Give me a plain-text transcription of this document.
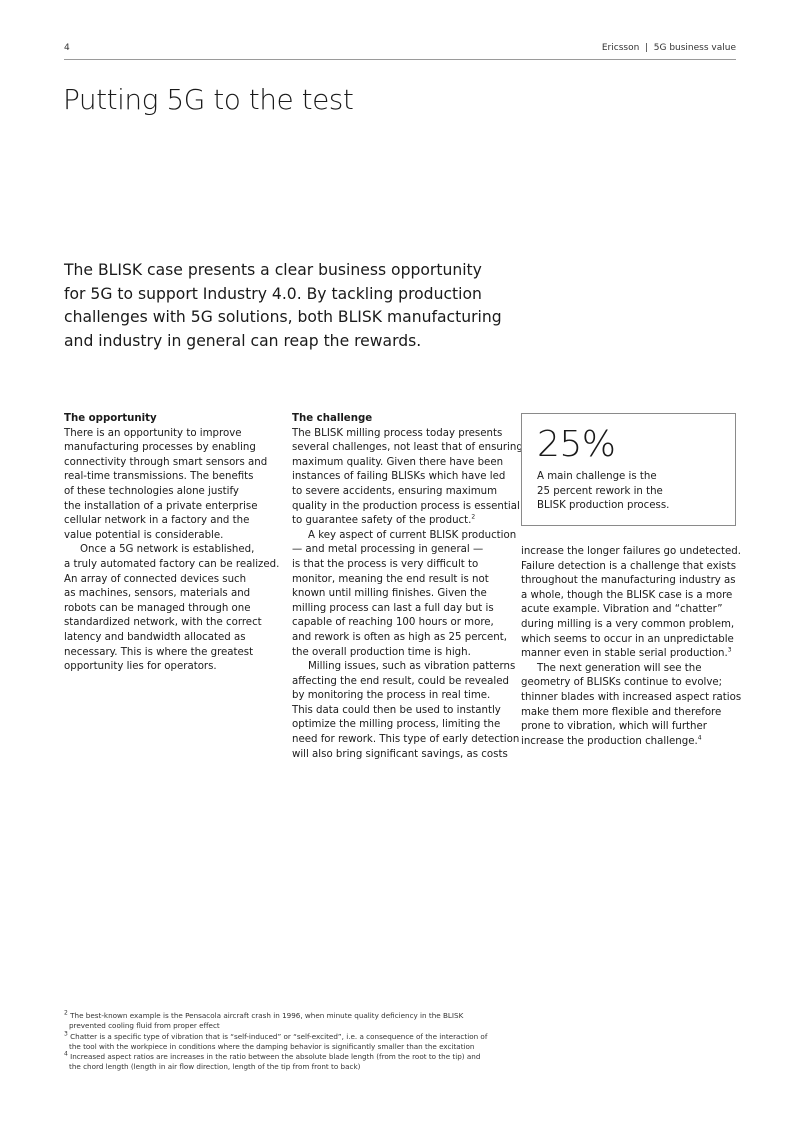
4	Ericsson  |  5G business value
Putting 5G to the test
The BLISK case presents a clear business opportunity
for 5G to support Industry 4.0. By tackling production
challenges with 5G solutions, both BLISK manufacturing
and industry in general can reap the rewards.
The opportunity
There is an opportunity to improve
manufacturing processes by enabling
connectivity through smart sensors and
real-time transmissions. The benefits
of these technologies alone justify
the installation of a private enterprise
cellular network in a factory and the
value potential is considerable.
Once a 5G network is established,
a truly automated factory can be realized.
An array of connected devices such
as machines, sensors, materials and
robots can be managed through one
standardized network, with the correct
latency and bandwidth allocated as
necessary. This is where the greatest
opportunity lies for operators.
The challenge
The BLISK milling process today presents
several challenges, not least that of ensuring
maximum quality. Given there have been
instances of failing BLISKs which have led
to severe accidents, ensuring maximum
quality in the production process is essential
to guarantee safety of the product.$^2$
A key aspect of current BLISK production
— and metal processing in general —
is that the process is very difficult to
monitor, meaning the end result is not
known until milling finishes. Given the
milling process can last a full day but is
capable of reaching 100 hours or more,
and rework is often as high as 25 percent,
the overall production time is high.
Milling issues, such as vibration patterns
affecting the end result, could be revealed
by monitoring the process in real time.
This data could then be used to instantly
optimize the milling process, limiting the
need for rework. This type of early detection
will also bring significant savings, as costs
25%
A main challenge is the
25 percent rework in the
BLISK production process.
increase the longer failures go undetected.
Failure detection is a challenge that exists
throughout the manufacturing industry as
a whole, though the BLISK case is a more
acute example. Vibration and “chatter”
during milling is a very common problem,
which seems to occur in an unpredictable
manner even in stable serial production.$^3$
The next generation will see the
geometry of BLISKs continue to evolve;
thinner blades with increased aspect ratios
make them more flexible and therefore
prone to vibration, which will further
increase the production challenge.$^4$
$^2$ The best-known example is the Pensacola aircraft crash in 1996, when minute quality deficiency in the BLISK
prevented cooling fluid from proper effect
$^3$ Chatter is a specific type of vibration that is “self-induced” or “self-excited”, i.e. a consequence of the interaction of
the tool with the workpiece in conditions where the damping behavior is significantly smaller than the excitation
$^4$ Increased aspect ratios are increases in the ratio between the absolute blade length (from the root to the tip) and
the chord length (length in air flow direction, length of the tip from front to back)
